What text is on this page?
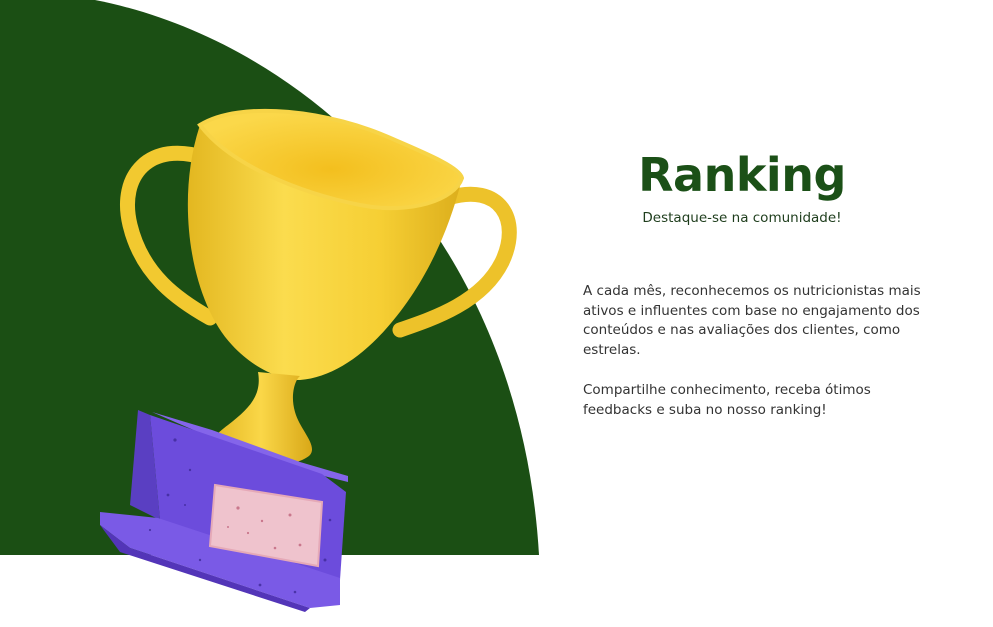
Ranking

Destaque-se na comunidade!

A cada mês, reconhecemos os nutricionistas mais ativos e influentes com base no engajamento dos conteúdos e nas avaliações dos clientes, como estrelas.

Compartilhe conhecimento, receba ótimos feedbacks e suba no nosso ranking!
